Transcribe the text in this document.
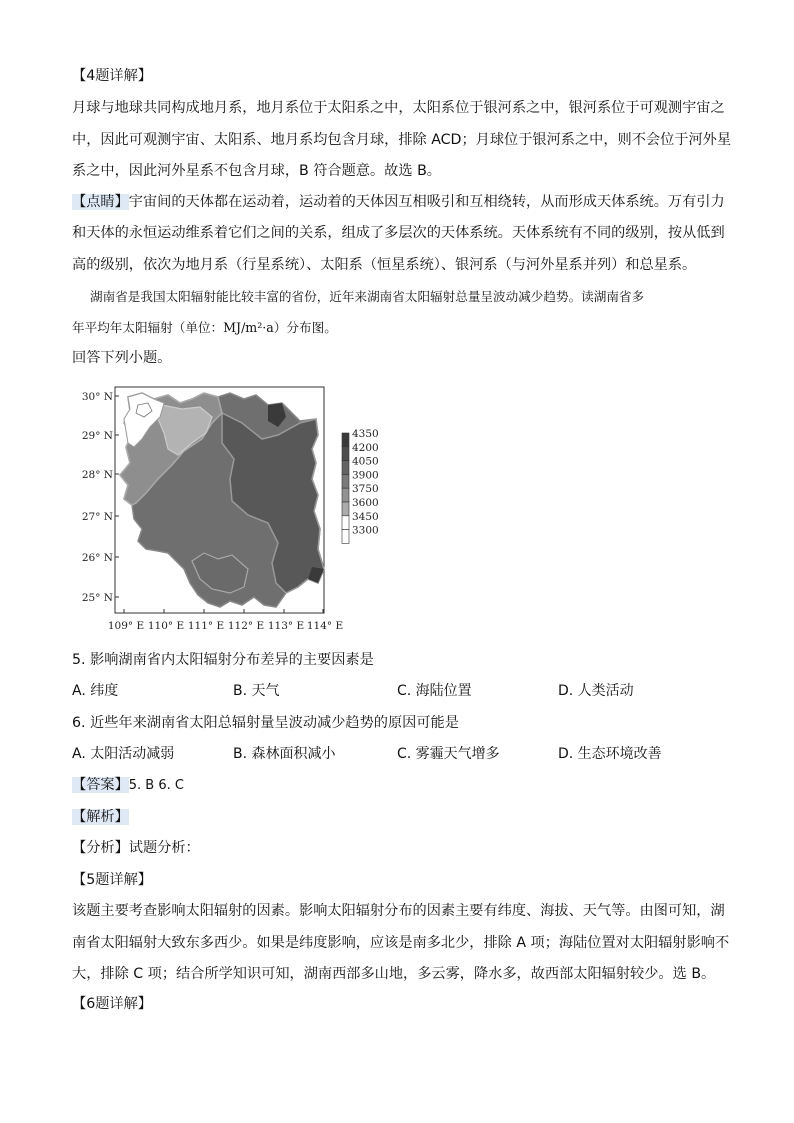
【4题详解】
月球与地球共同构成地月系，地月系位于太阳系之中，太阳系位于银河系之中，银河系位于可观测宇宙之
中，因此可观测宇宙、太阳系、地月系均包含月球，排除 ACD；月球位于银河系之中，则不会位于河外星
系之中，因此河外星系不包含月球，B 符合题意。故选 B。
【点睛】宇宙间的天体都在运动着，运动着的天体因互相吸引和互相绕转，从而形成天体系统。万有引力
和天体的永恒运动维系着它们之间的关系，组成了多层次的天体系统。天体系统有不同的级别，按从低到
高的级别，依次为地月系（行星系统）、太阳系（恒星系统）、银河系（与河外星系并列）和总星系。
湖南省是我国太阳辐射能比较丰富的省份，近年来湖南省太阳辐射总量呈波动减少趋势。读湖南省多
年平均年太阳辐射（单位：MJ/m²·a）分布图。
回答下列小题。
30° N
29° N
28° N
27° N
26° N
25° N
109° E 110° E 111° E 112° E 113° E 114° E
4350
4200
4050
3900
3750
3600
3450
3300
5. 影响湖南省内太阳辐射分布差异的主要因素是
A. 纬度	B. 天气	C. 海陆位置	D. 人类活动
6. 近些年来湖南省太阳总辐射量呈波动减少趋势的原因可能是
A. 太阳活动减弱	B. 森林面积减小	C. 雾霾天气增多	D. 生态环境改善
【答案】5. B 6. C
【解析】
【分析】试题分析：
【5题详解】
该题主要考查影响太阳辐射的因素。影响太阳辐射分布的因素主要有纬度、海拔、天气等。由图可知，湖
南省太阳辐射大致东多西少。如果是纬度影响，应该是南多北少，排除 A 项；海陆位置对太阳辐射影响不
大，排除 C 项；结合所学知识可知，湖南西部多山地，多云雾，降水多，故西部太阳辐射较少。选 B。
【6题详解】
